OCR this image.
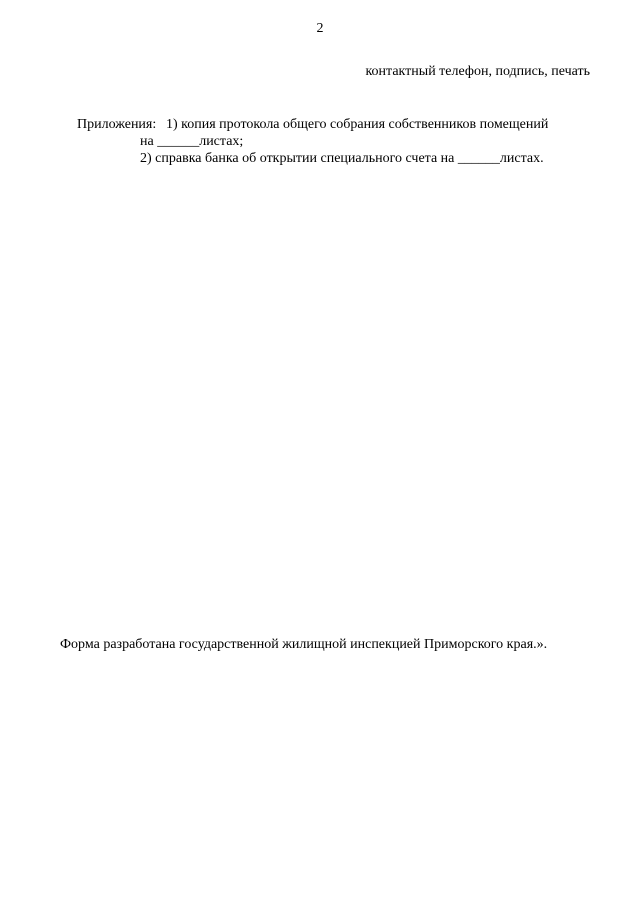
2
контактный телефон, подпись, печать
Приложения: 1) копия протокола общего собрания собственников помещений
на ______листах;
2) справка банка об открытии специального счета на ______листах.
Форма разработана государственной жилищной инспекцией Приморского края.».
